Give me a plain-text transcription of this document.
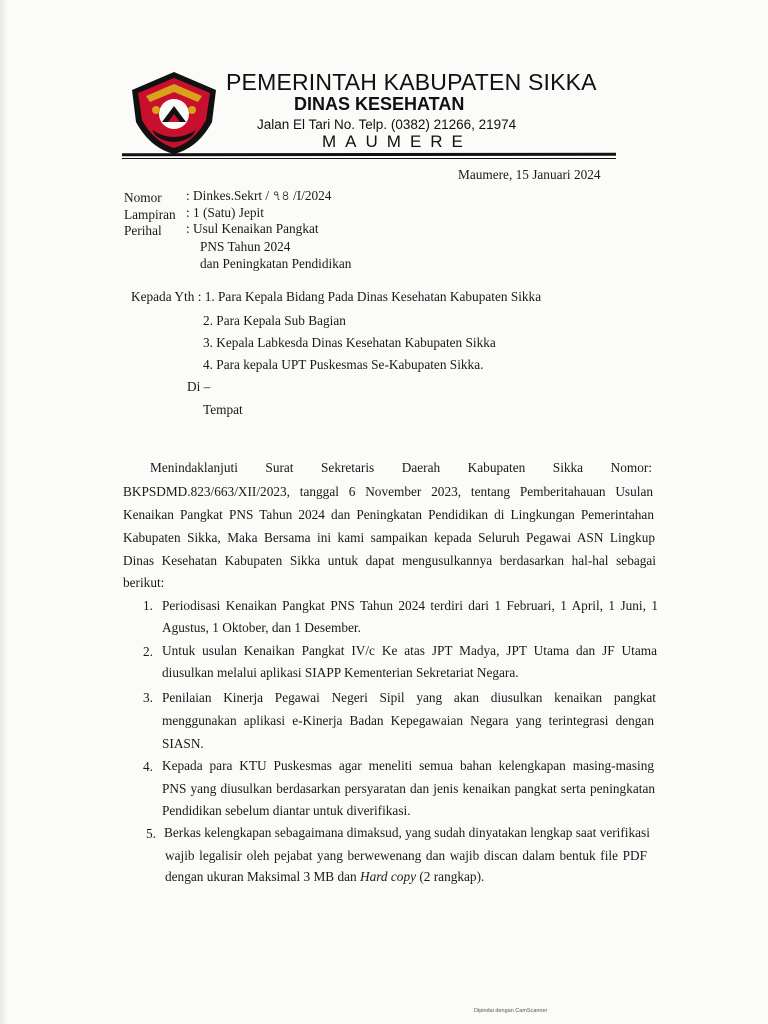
PEMERINTAH KABUPATEN SIKKA
DINAS KESEHATAN
Jalan El Tari No. Telp. (0382) 21266, 21974
MAUMERE
Maumere, 15 Januari 2024
Nomor : Dinkes.Sekrt / ৭৪ /I/2024
Lampiran : 1 (Satu) Jepit
Perihal : Usul Kenaikan Pangkat
PNS Tahun 2024
dan Peningkatan Pendidikan
Kepada Yth : 1. Para Kepala Bidang Pada Dinas Kesehatan Kabupaten Sikka
2. Para Kepala Sub Bagian
3. Kepala Labkesda Dinas Kesehatan Kabupaten Sikka
4. Para kepala UPT Puskesmas Se-Kabupaten Sikka.
Di –
Tempat
Menindaklanjuti Surat Sekretaris Daerah Kabupaten Sikka Nomor:
BKPSDMD.823/663/XII/2023, tanggal 6 November 2023, tentang Pemberitahauan Usulan
Kenaikan Pangkat PNS Tahun 2024 dan Peningkatan Pendidikan di Lingkungan Pemerintahan
Kabupaten Sikka, Maka Bersama ini kami sampaikan kepada Seluruh Pegawai ASN Lingkup
Dinas Kesehatan Kabupaten Sikka untuk dapat mengusulkannya berdasarkan hal-hal sebagai
berikut:
1. Periodisasi Kenaikan Pangkat PNS Tahun 2024 terdiri dari 1 Februari, 1 April, 1 Juni, 1
Agustus, 1 Oktober, dan 1 Desember.
2. Untuk usulan Kenaikan Pangkat IV/c Ke atas JPT Madya, JPT Utama dan JF Utama
diusulkan melalui aplikasi SIAPP Kementerian Sekretariat Negara.
3. Penilaian Kinerja Pegawai Negeri Sipil yang akan diusulkan kenaikan pangkat
menggunakan aplikasi e-Kinerja Badan Kepegawaian Negara yang terintegrasi dengan
SIASN.
4. Kepada para KTU Puskesmas agar meneliti semua bahan kelengkapan masing-masing
PNS yang diusulkan berdasarkan persyaratan dan jenis kenaikan pangkat serta peningkatan
Pendidikan sebelum diantar untuk diverifikasi.
5. Berkas kelengkapan sebagaimana dimaksud, yang sudah dinyatakan lengkap saat verifikasi
wajib legalisir oleh pejabat yang berwewenang dan wajib discan dalam bentuk file PDF
dengan ukuran Maksimal 3 MB dan Hard copy (2 rangkap).
Dipindai dengan CamScanner
